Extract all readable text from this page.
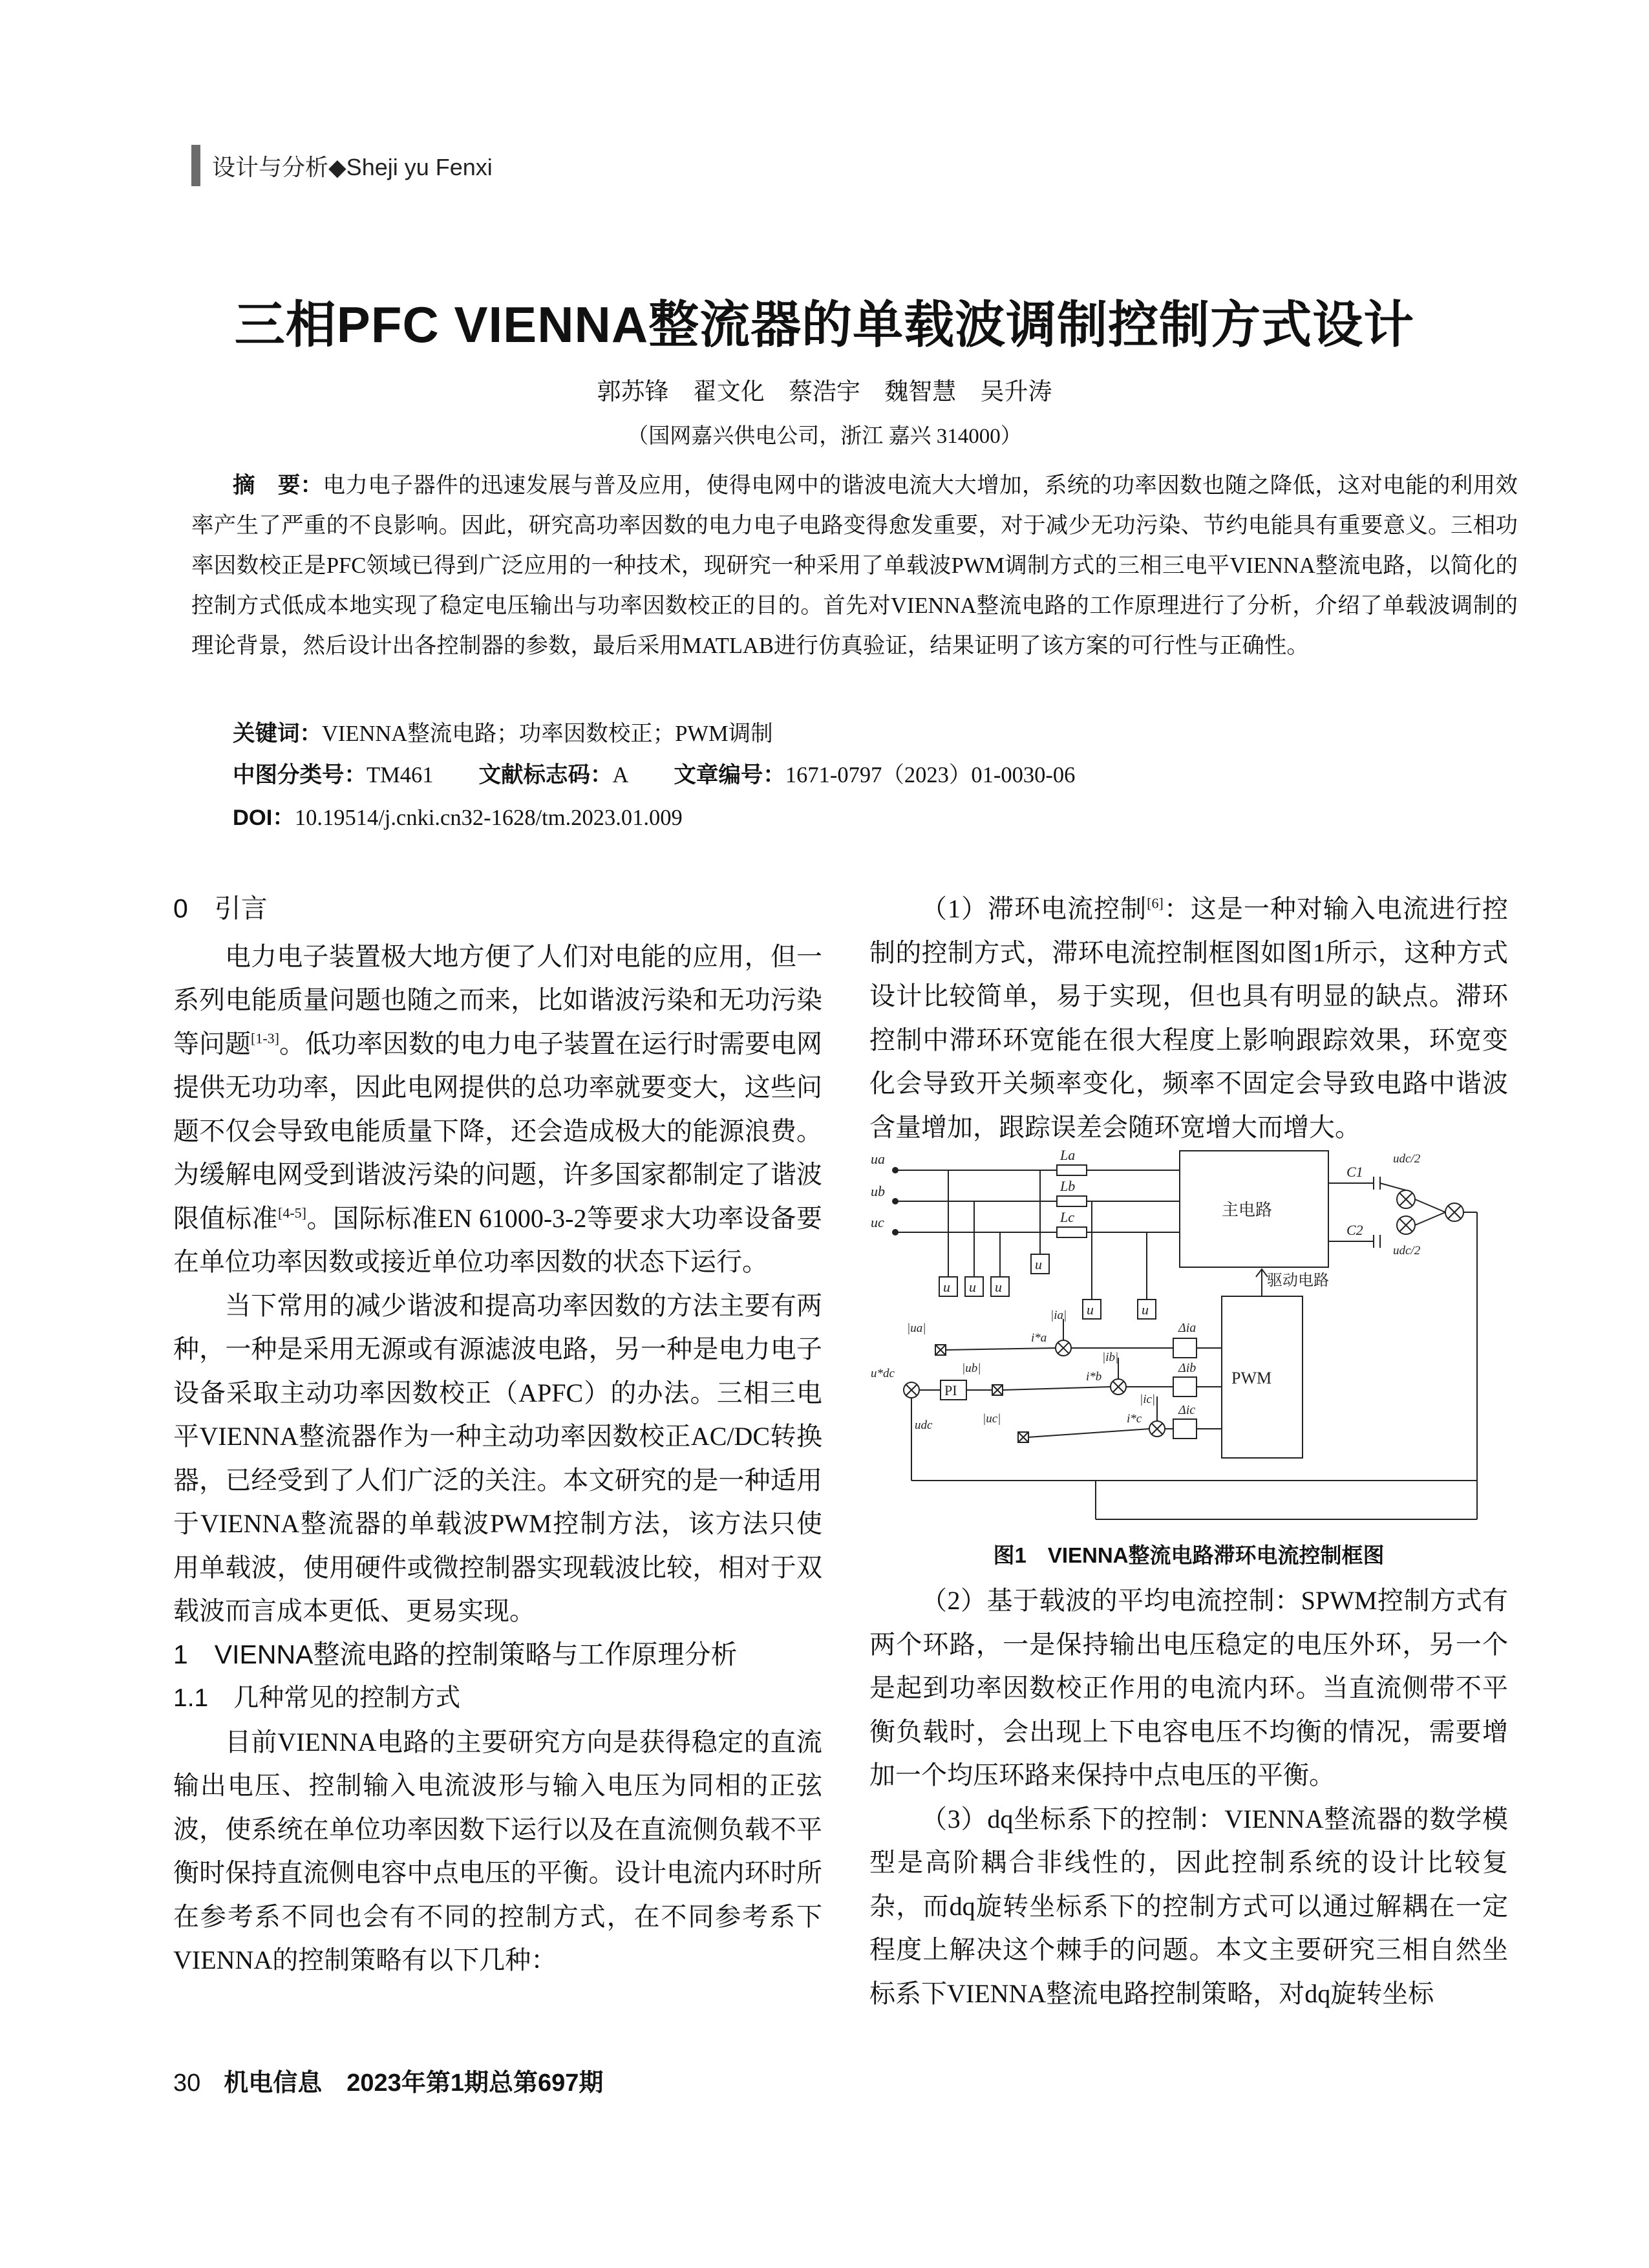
设计与分析◆Sheji yu Fenxi
三相PFC VIENNA整流器的单载波调制控制方式设计
郭苏锋 翟文化 蔡浩宇 魏智慧 吴升涛
（国网嘉兴供电公司，浙江 嘉兴 314000）
摘　要：电力电子器件的迅速发展与普及应用，使得电网中的谐波电流大大增加，系统的功率因数也随之降低，这对电能的利用效率产生了严重的不良影响。因此，研究高功率因数的电力电子电路变得愈发重要，对于减少无功污染、节约电能具有重要意义。三相功率因数校正是PFC领域已得到广泛应用的一种技术，现研究一种采用了单载波PWM调制方式的三相三电平VIENNA整流电路，以简化的控制方式低成本地实现了稳定电压输出与功率因数校正的目的。首先对VIENNA整流电路的工作原理进行了分析，介绍了单载波调制的理论背景，然后设计出各控制器的参数，最后采用MATLAB进行仿真验证，结果证明了该方案的可行性与正确性。
关键词：VIENNA整流电路；功率因数校正；PWM调制
中图分类号：TM461 文献标志码：A 文章编号：1671-0797（2023）01-0030-06
DOI：10.19514/j.cnki.cn32-1628/tm.2023.01.009
0　引言

电力电子装置极大地方便了人们对电能的应用，但一系列电能质量问题也随之而来，比如谐波污染和无功污染等问题[1-3]。低功率因数的电力电子装置在运行时需要电网提供无功功率，因此电网提供的总功率就要变大，这些问题不仅会导致电能质量下降，还会造成极大的能源浪费。为缓解电网受到谐波污染的问题，许多国家都制定了谐波限值标准[4-5]。国际标准EN 61000-3-2等要求大功率设备要在单位功率因数或接近单位功率因数的状态下运行。

当下常用的减少谐波和提高功率因数的方法主要有两种，一种是采用无源或有源滤波电路，另一种是电力电子设备采取主动功率因数校正（APFC）的办法。三相三电平VIENNA整流器作为一种主动功率因数校正AC/DC转换器，已经受到了人们广泛的关注。本文研究的是一种适用于VIENNA整流器的单载波PWM控制方法，该方法只使用单载波，使用硬件或微控制器实现载波比较，相对于双载波而言成本更低、更易实现。

1　VIENNA整流电路的控制策略与工作原理分析
1.1　几种常见的控制方式

目前VIENNA电路的主要研究方向是获得稳定的直流输出电压、控制输入电流波形与输入电压为同相的正弦波，使系统在单位功率因数下运行以及在直流侧负载不平衡时保持直流侧电容中点电压的平衡。设计电流内环时所在参考系不同也会有不同的控制方式，在不同参考系下VIENNA的控制策略有以下几种：

（1）滞环电流控制[6]：这是一种对输入电流进行控制的控制方式，滞环电流控制框图如图1所示，这种方式设计比较简单，易于实现，但也具有明显的缺点。滞环控制中滞环环宽能在很大程度上影响跟踪效果，环宽变化会导致开关频率变化，频率不固定会导致电路中谐波含量增加，跟踪误差会随环宽增大而增大。

ua
ub
uc
La
Lb
Lc	主电路
C1
C2
udc/2
udc/2
PWM
驱动电路
u u u
u
u	u
PI
u*dc
udc
|ua|
|ub|
|uc|
|ia|
|ib|
|ic|
i*a
i*b
i*c
Δia
Δib
Δic
图1　VIENNA整流电路滞环电流控制框图

（2）基于载波的平均电流控制：SPWM控制方式有两个环路，一是保持输出电压稳定的电压外环，另一个是起到功率因数校正作用的电流内环。当直流侧带不平衡负载时，会出现上下电容电压不均衡的情况，需要增加一个均压环路来保持中点电压的平衡。

（3）dq坐标系下的控制：VIENNA整流器的数学模型是高阶耦合非线性的，因此控制系统的设计比较复杂，而dq旋转坐标系下的控制方式可以通过解耦在一定程度上解决这个棘手的问题。本文主要研究三相自然坐标系下VIENNA整流电路控制策略，对dq旋转坐标

30 机电信息　2023年第1期总第697期
